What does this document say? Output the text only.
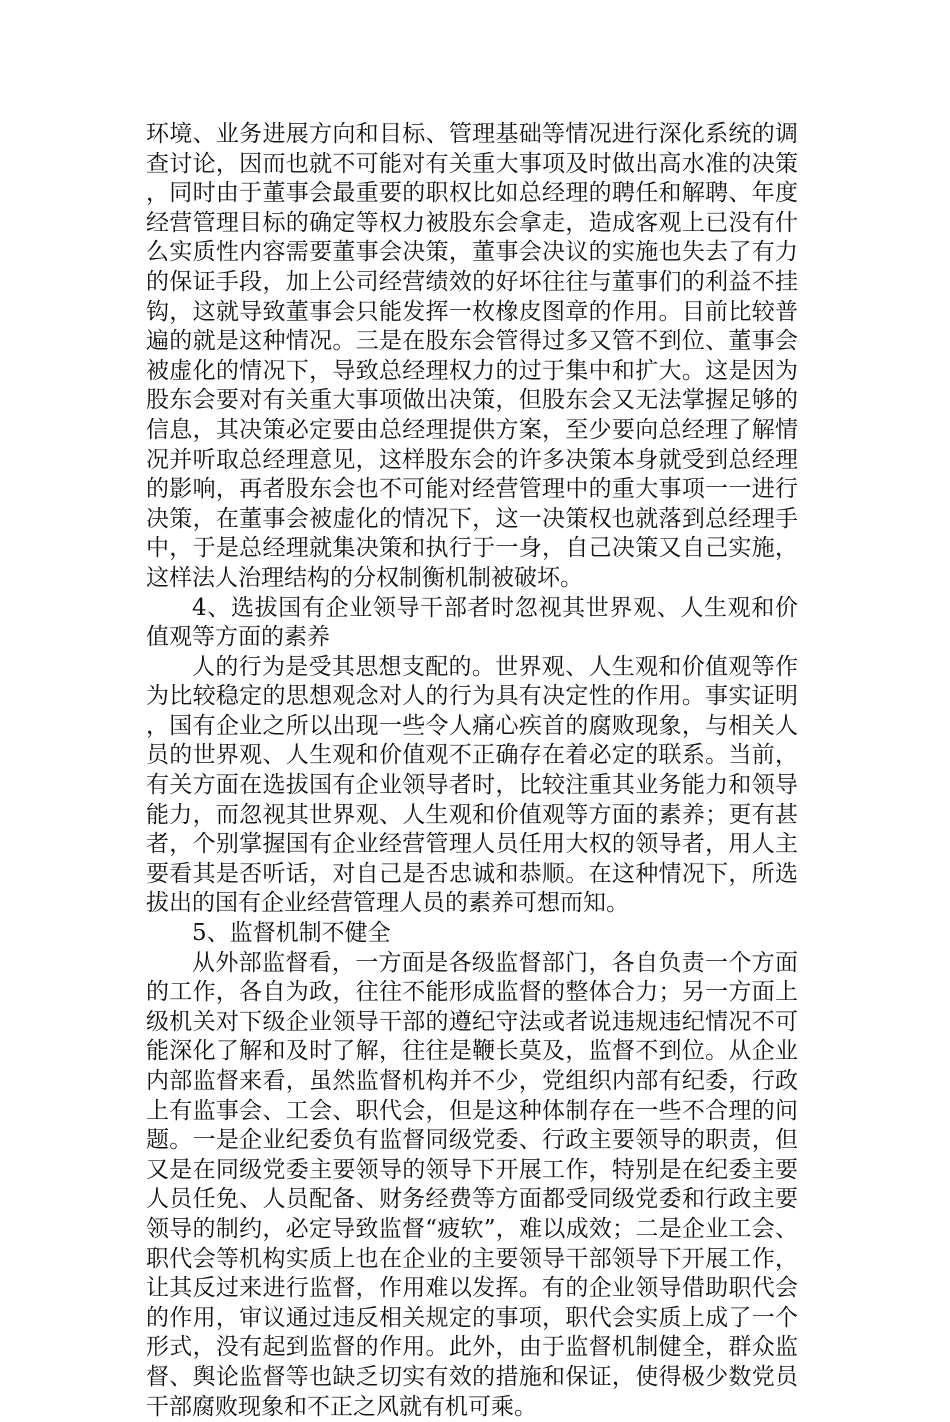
环境、业务进展方向和目标、管理基础等情况进行深化系统的调查讨论，因而也就不可能对有关重大事项及时做出高水准的决策，同时由于董事会最重要的职权比如总经理的聘任和解聘、年度经营管理目标的确定等权力被股东会拿走，造成客观上已没有什么实质性内容需要董事会决策，董事会决议的实施也失去了有力的保证手段，加上公司经营绩效的好坏往往与董事们的利益不挂钩，这就导致董事会只能发挥一枚橡皮图章的作用。目前比较普遍的就是这种情况。三是在股东会管得过多又管不到位、董事会被虚化的情况下，导致总经理权力的过于集中和扩大。这是因为股东会要对有关重大事项做出决策，但股东会又无法掌握足够的信息，其决策必定要由总经理提供方案，至少要向总经理了解情况并听取总经理意见，这样股东会的许多决策本身就受到总经理的影响，再者股东会也不可能对经营管理中的重大事项一一进行决策，在董事会被虚化的情况下，这一决策权也就落到总经理手中，于是总经理就集决策和执行于一身，自己决策又自己实施，这样法人治理结构的分权制衡机制被破坏。

4、选拔国有企业领导干部者时忽视其世界观、人生观和价值观等方面的素养

人的行为是受其思想支配的。世界观、人生观和价值观等作为比较稳定的思想观念对人的行为具有决定性的作用。事实证明，国有企业之所以出现一些令人痛心疾首的腐败现象，与相关人员的世界观、人生观和价值观不正确存在着必定的联系。当前，有关方面在选拔国有企业领导者时，比较注重其业务能力和领导能力，而忽视其世界观、人生观和价值观等方面的素养；更有甚者，个别掌握国有企业经营管理人员任用大权的领导者，用人主要看其是否听话，对自己是否忠诚和恭顺。在这种情况下，所选拔出的国有企业经营管理人员的素养可想而知。

5、监督机制不健全

从外部监督看，一方面是各级监督部门，各自负责一个方面的工作，各自为政，往往不能形成监督的整体合力；另一方面上级机关对下级企业领导干部的遵纪守法或者说违规违纪情况不可能深化了解和及时了解，往往是鞭长莫及，监督不到位。从企业内部监督来看，虽然监督机构并不少，党组织内部有纪委，行政上有监事会、工会、职代会，但是这种体制存在一些不合理的问题。一是企业纪委负有监督同级党委、行政主要领导的职责，但又是在同级党委主要领导的领导下开展工作，特别是在纪委主要人员任免、人员配备、财务经费等方面都受同级党委和行政主要领导的制约，必定导致监督“疲软”，难以成效；二是企业工会、职代会等机构实质上也在企业的主要领导干部领导下开展工作，让其反过来进行监督，作用难以发挥。有的企业领导借助职代会的作用，审议通过违反相关规定的事项，职代会实质上成了一个形式，没有起到监督的作用。此外，由于监督机制健全，群众监督、舆论监督等也缺乏切实有效的措施和保证，使得极少数党员干部腐败现象和不正之风就有机可乘。
